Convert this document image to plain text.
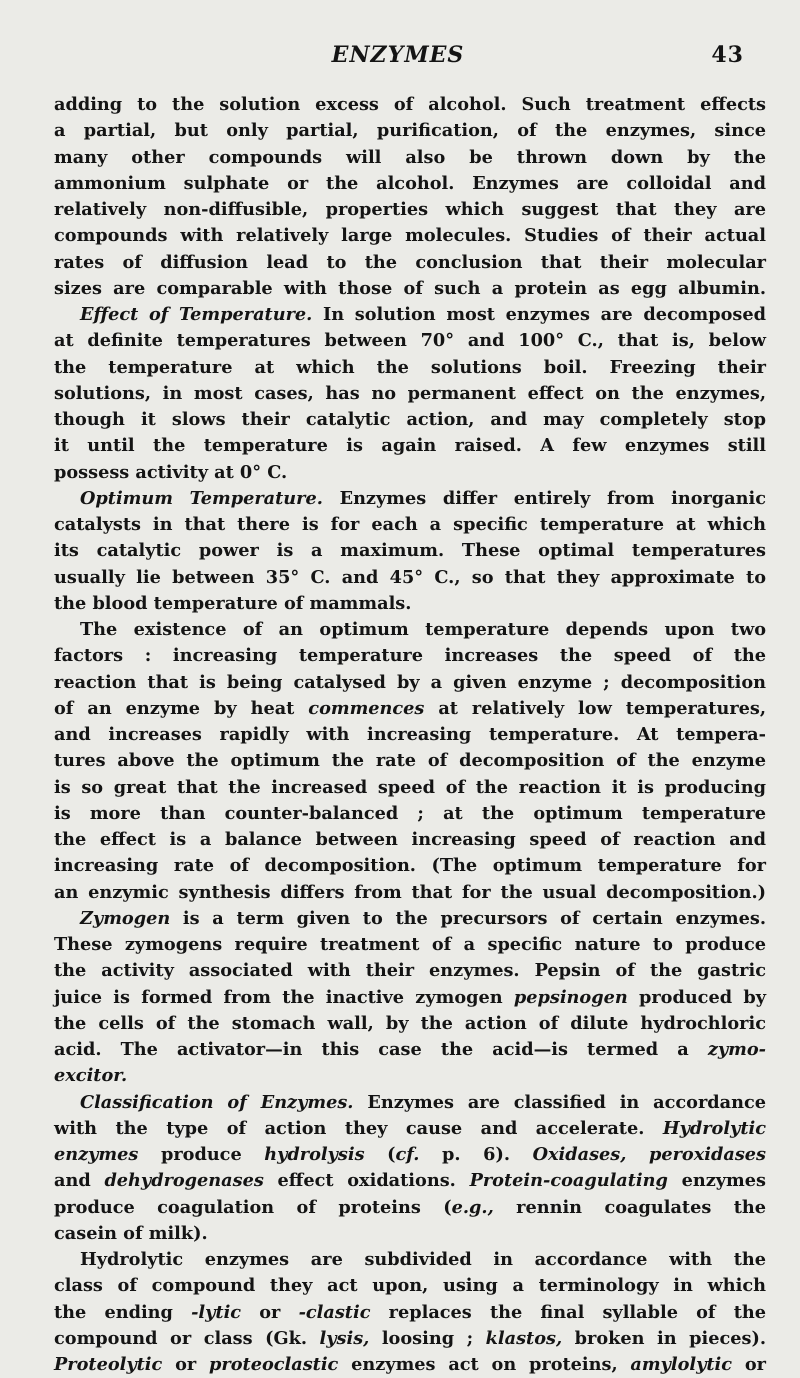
ENZYMES	43
adding to the solution excess of alcohol. Such treatment effects
a partial, but only partial, purification, of the enzymes, since
many other compounds will also be thrown down by the
ammonium sulphate or the alcohol. Enzymes are colloidal and
relatively non-diffusible, properties which suggest that they are
compounds with relatively large molecules. Studies of their actual
rates of diffusion lead to the conclusion that their molecular
sizes are comparable with those of such a protein as egg albumin.
Effect of Temperature. In solution most enzymes are decomposed
at definite temperatures between 70° and 100° C., that is, below
the temperature at which the solutions boil. Freezing their
solutions, in most cases, has no permanent effect on the enzymes,
though it slows their catalytic action, and may completely stop
it until the temperature is again raised. A few enzymes still
possess activity at 0° C.
Optimum Temperature. Enzymes differ entirely from inorganic
catalysts in that there is for each a specific temperature at which
its catalytic power is a maximum. These optimal temperatures
usually lie between 35° C. and 45° C., so that they approximate to
the blood temperature of mammals.
The existence of an optimum temperature depends upon two
factors : increasing temperature increases the speed of the
reaction that is being catalysed by a given enzyme ; decomposition
of an enzyme by heat commences at relatively low temperatures,
and increases rapidly with increasing temperature. At tempera-
tures above the optimum the rate of decomposition of the enzyme
is so great that the increased speed of the reaction it is producing
is more than counter-balanced ; at the optimum temperature
the effect is a balance between increasing speed of reaction and
increasing rate of decomposition. (The optimum temperature for
an enzymic synthesis differs from that for the usual decomposition.)
Zymogen is a term given to the precursors of certain enzymes.
These zymogens require treatment of a specific nature to produce
the activity associated with their enzymes. Pepsin of the gastric
juice is formed from the inactive zymogen pepsinogen produced by
the cells of the stomach wall, by the action of dilute hydrochloric
acid. The activator—in this case the acid—is termed a zymo-
excitor.
Classification of Enzymes. Enzymes are classified in accordance
with the type of action they cause and accelerate. Hydrolytic
enzymes produce hydrolysis (cf. p. 6). Oxidases, peroxidases
and dehydrogenases effect oxidations. Protein-coagulating enzymes
produce coagulation of proteins (e.g., rennin coagulates the
casein of milk).
Hydrolytic enzymes are subdivided in accordance with the
class of compound they act upon, using a terminology in which
the ending -lytic or -clastic replaces the final syllable of the
compound or class (Gk. lysis, loosing ; klastos, broken in pieces).
Proteolytic or proteoclastic enzymes act on proteins, amylolytic or
